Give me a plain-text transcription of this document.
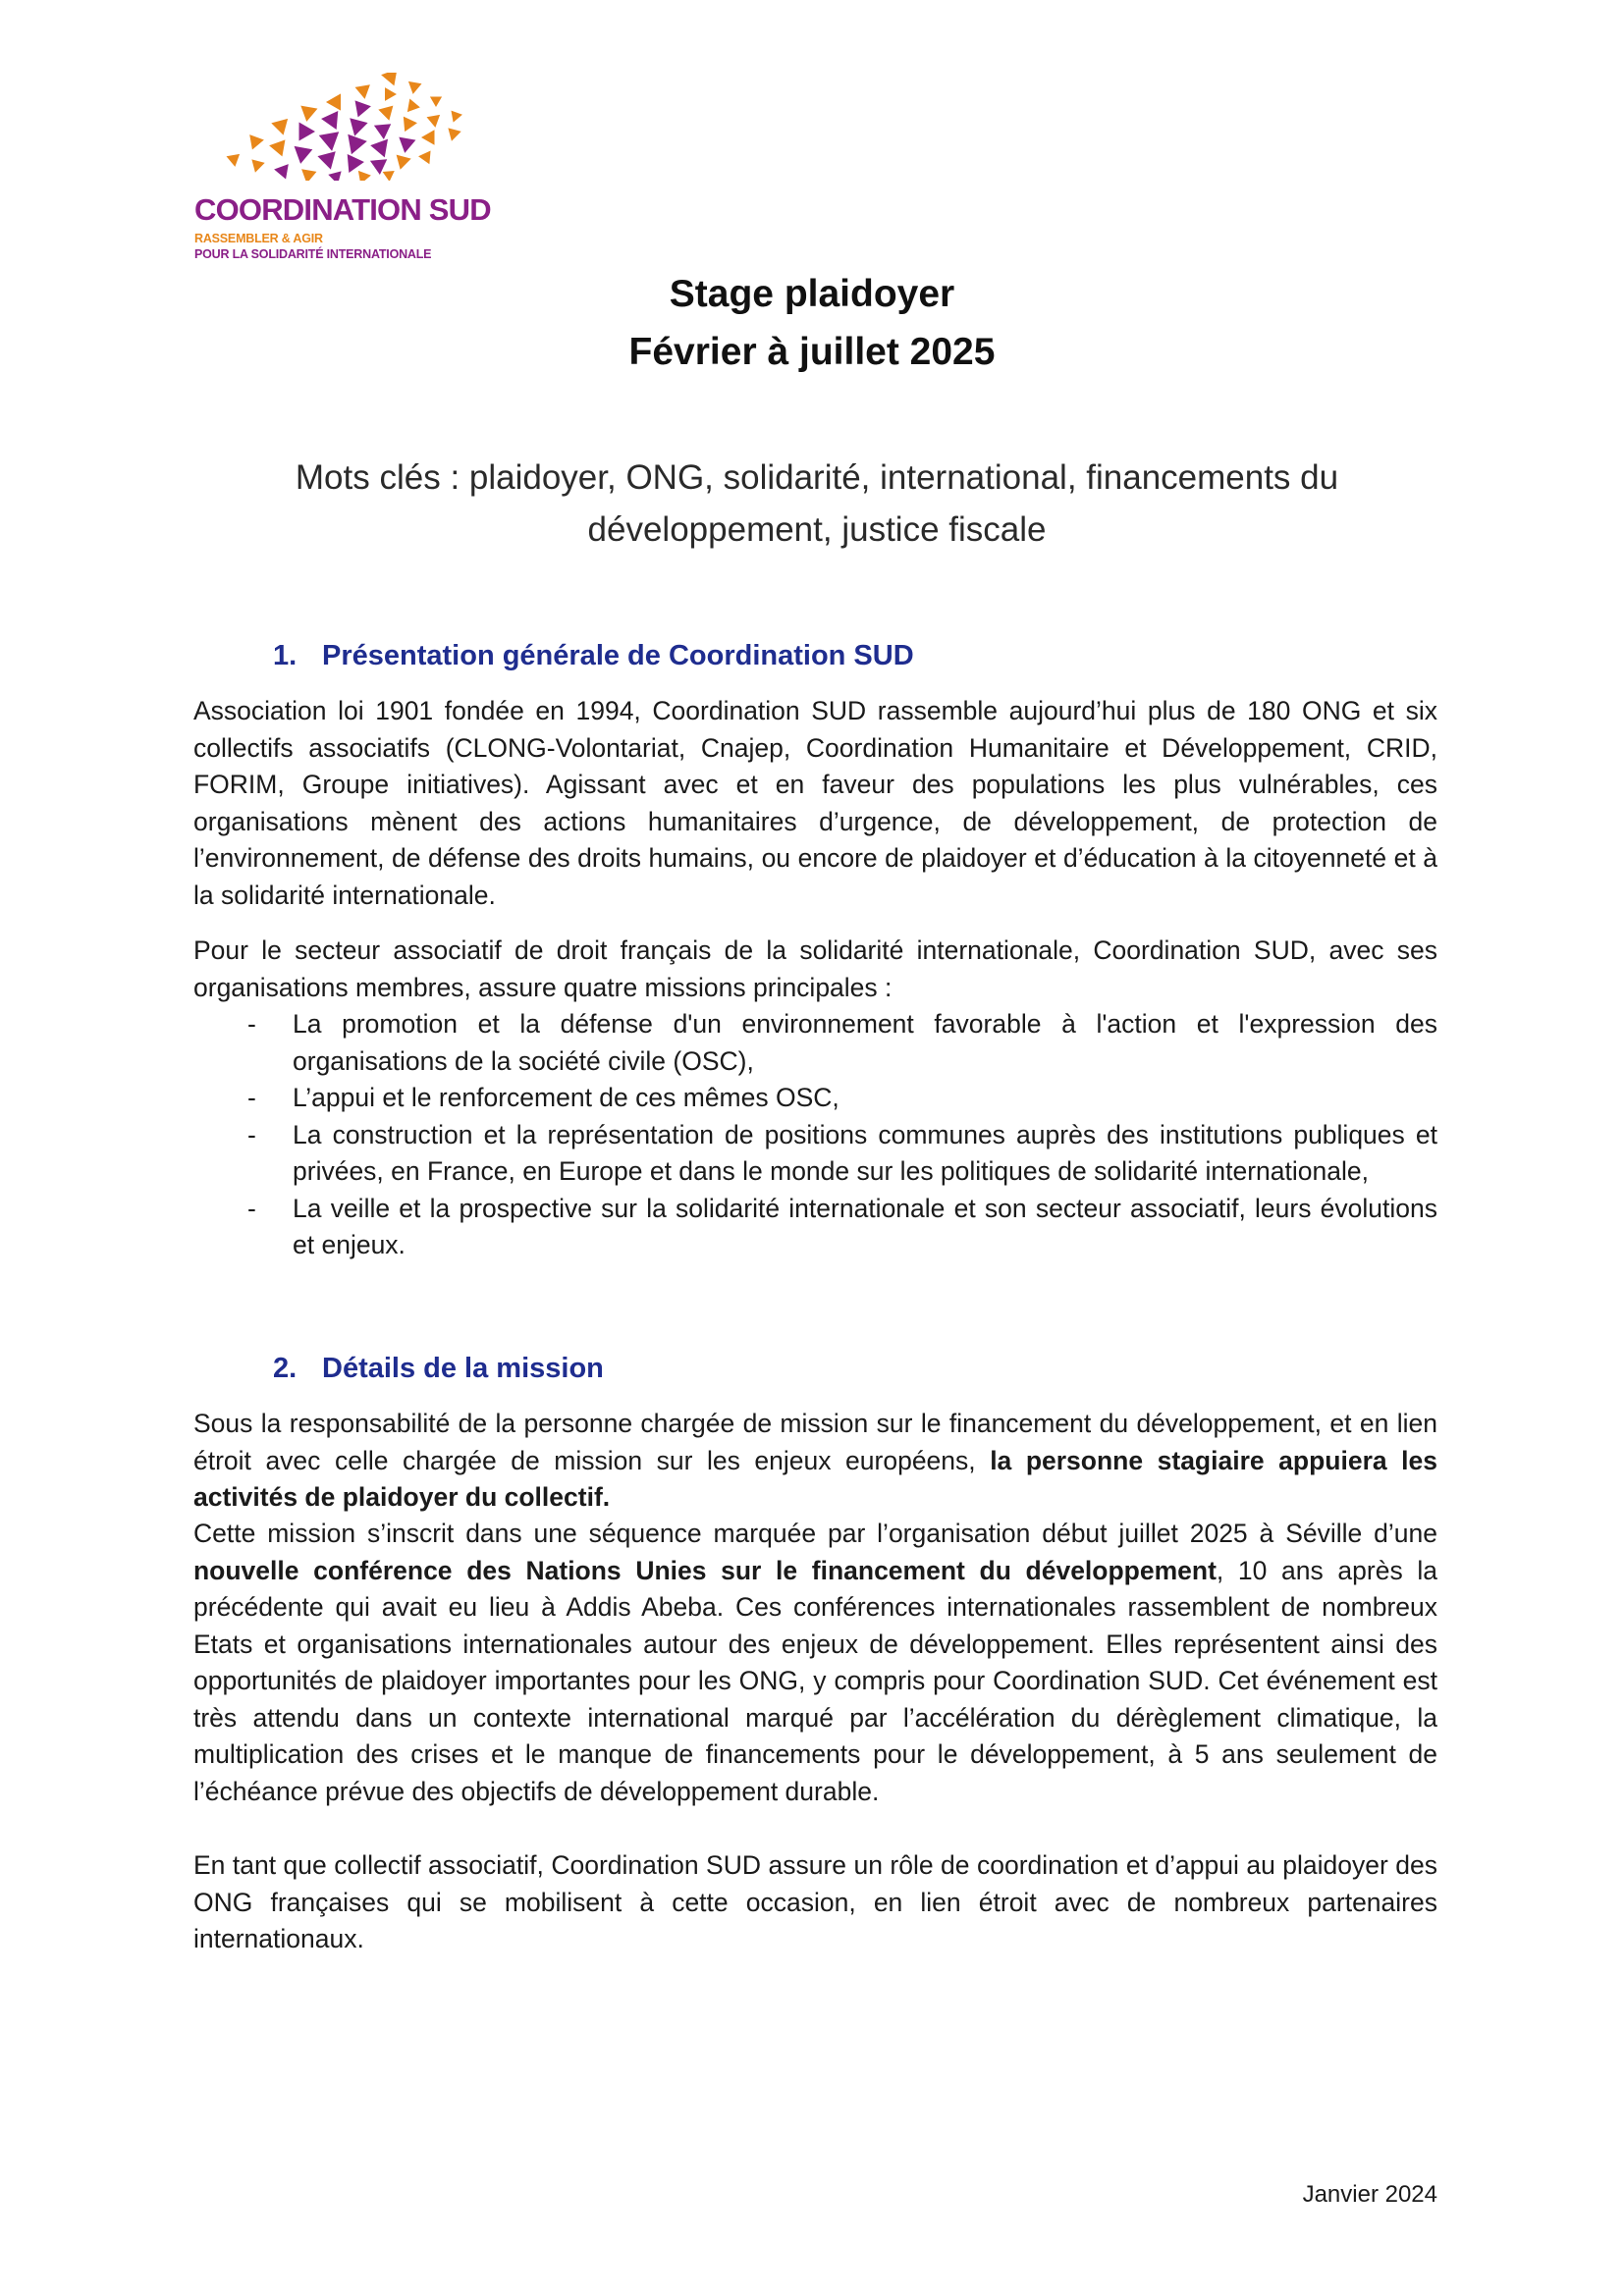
COORDINATION SUD
RASSEMBLER & AGIR
POUR LA SOLIDARITÉ INTERNATIONALE
Stage plaidoyer
Février à juillet 2025
Mots clés : plaidoyer, ONG, solidarité, international, financements du développement, justice fiscale
1. Présentation générale de Coordination SUD

Association loi 1901 fondée en 1994, Coordination SUD rassemble aujourd’hui plus de 180 ONG et six collectifs associatifs (CLONG-Volontariat, Cnajep, Coordination Humanitaire et Développement, CRID, FORIM, Groupe initiatives). Agissant avec et en faveur des populations les plus vulnérables, ces organisations mènent des actions humanitaires d’urgence, de développement, de protection de l’environnement, de défense des droits humains, ou encore de plaidoyer et d’éducation à la citoyenneté et à la solidarité internationale.

Pour le secteur associatif de droit français de la solidarité internationale, Coordination SUD, avec ses organisations membres, assure quatre missions principales :

- La promotion et la défense d'un environnement favorable à l'action et l'expression des organisations de la société civile (OSC),
- L’appui et le renforcement de ces mêmes OSC,
- La construction et la représentation de positions communes auprès des institutions publiques et privées, en France, en Europe et dans le monde sur les politiques de solidarité internationale,
- La veille et la prospective sur la solidarité internationale et son secteur associatif, leurs évolutions et enjeux.
2. Détails de la mission

Sous la responsabilité de la personne chargée de mission sur le financement du développement, et en lien étroit avec celle chargée de mission sur les enjeux européens, la personne stagiaire appuiera les activités de plaidoyer du collectif.

Cette mission s’inscrit dans une séquence marquée par l’organisation début juillet 2025 à Séville d’une nouvelle conférence des Nations Unies sur le financement du développement, 10 ans après la précédente qui avait eu lieu à Addis Abeba. Ces conférences internationales rassemblent de nombreux Etats et organisations internationales autour des enjeux de développement. Elles représentent ainsi des opportunités de plaidoyer importantes pour les ONG, y compris pour Coordination SUD. Cet événement est très attendu dans un contexte international marqué par l’accélération du dérèglement climatique, la multiplication des crises et le manque de financements pour le développement, à 5 ans seulement de l’échéance prévue des objectifs de développement durable.

En tant que collectif associatif, Coordination SUD assure un rôle de coordination et d’appui au plaidoyer des ONG françaises qui se mobilisent à cette occasion, en lien étroit avec de nombreux partenaires internationaux.

Janvier 2024
